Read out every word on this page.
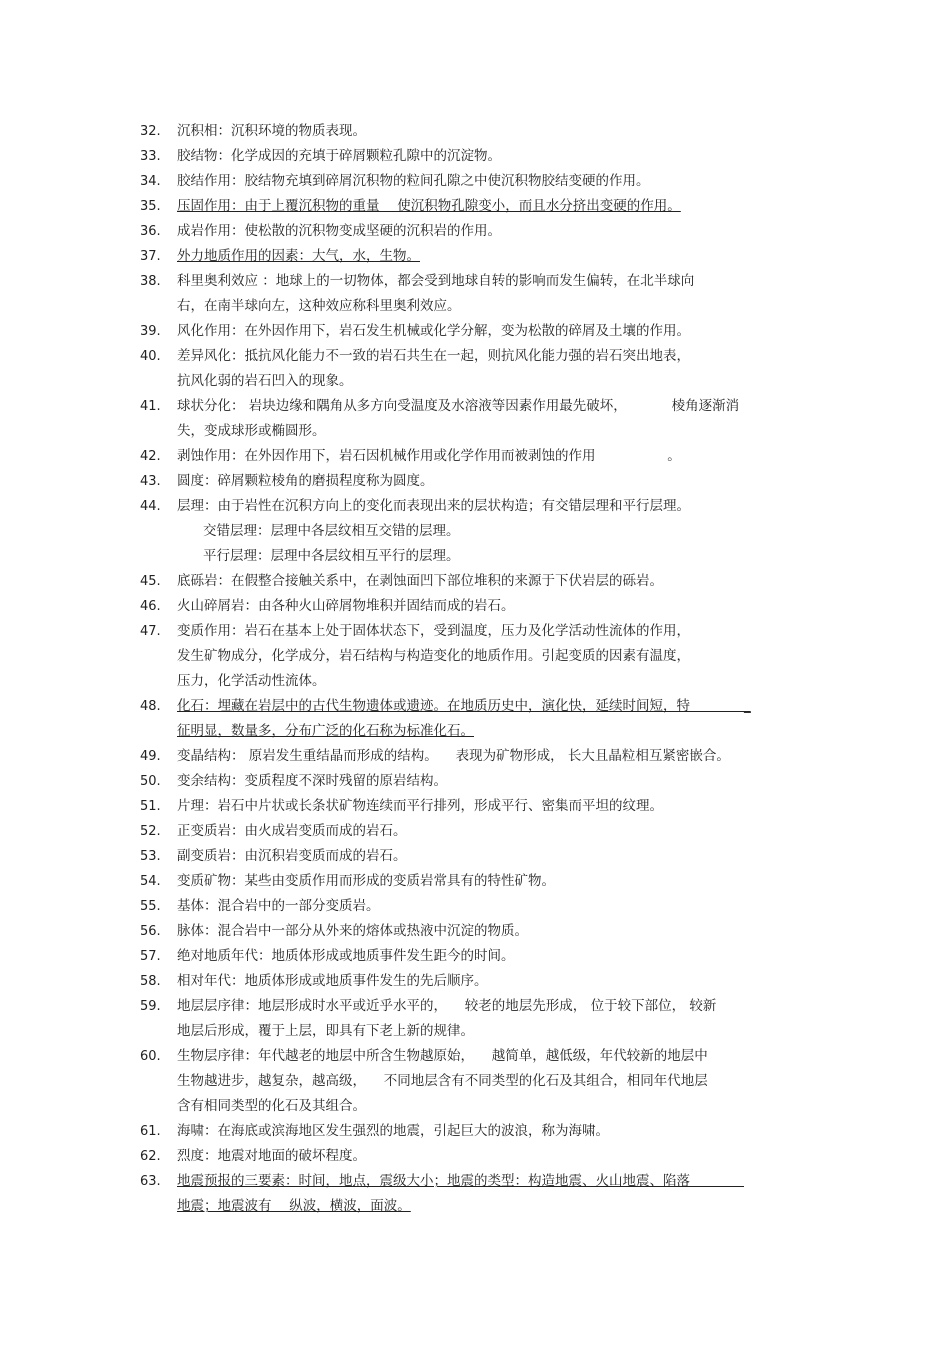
32.	沉积相：沉积环境的物质表现。
33.	胶结物：化学成因的充填于碎屑颗粒孔隙中的沉淀物。
34.	胶结作用：胶结物充填到碎屑沉积物的粒间孔隙之中使沉积物胶结变硬的作用。
35.	压固作用：由于上覆沉积物的重量 　使沉积物孔隙变小，而且水分挤出变硬的作用。
36.	成岩作用：使松散的沉积物变成坚硬的沉积岩的作用。
37.	外力地质作用的因素：大气，水，生物。
38.	科里奥利效应 ：地球上的一切物体，都会受到地球自转的影响而发生偏转，在北半球向
右，在南半球向左，这种效应称科里奥利效应。
39.	风化作用：在外因作用下，岩石发生机械或化学分解，变为松散的碎屑及土壤的作用。
40.	差异风化：抵抗风化能力不一致的岩石共生在一起，则抗风化能力强的岩石突出地表，
抗风化弱的岩石凹入的现象。
41.	球状分化： 岩块边缘和隅角从多方向受温度及水溶液等因素作用最先破坏， 　　　棱角逐渐消
失，变成球形或椭圆形。
42.	剥蚀作用：在外因作用下，岩石因机械作用或化学作用而被剥蚀的作用 　　　　　。
43.	圆度：碎屑颗粒棱角的磨损程度称为圆度。
44.	层理：由于岩性在沉积方向上的变化而表现出来的层状构造；有交错层理和平行层理。
交错层理：层理中各层纹相互交错的层理。
平行层理：层理中各层纹相互平行的层理。
45.	底砾岩：在假整合接触关系中，在剥蚀面凹下部位堆积的来源于下伏岩层的砾岩。
46.	火山碎屑岩：由各种火山碎屑物堆积并固结而成的岩石。
47.	变质作用：岩石在基本上处于固体状态下，受到温度，压力及化学活动性流体的作用，
发生矿物成分，化学成分，岩石结构与构造变化的地质作用。引起变质的因素有温度，
压力，化学活动性流体。
48.	化石：埋藏在岩层中的古代生物遗体或遗迹。在地质历史中，演化快，延续时间短，特　　　　_
征明显，数量多，分布广泛的化石称为标准化石。
49.	变晶结构： 原岩发生重结晶而形成的结构。 　表现为矿物形成， 长大且晶粒相互紧密嵌合。
50.	变余结构：变质程度不深时残留的原岩结构。
51.	片理：岩石中片状或长条状矿物连续而平行排列，形成平行、密集而平坦的纹理。
52.	正变质岩：由火成岩变质而成的岩石。
53.	副变质岩：由沉积岩变质而成的岩石。
54.	变质矿物：某些由变质作用而形成的变质岩常具有的特性矿物。
55.	基体：混合岩中的一部分变质岩。
56.	脉体：混合岩中一部分从外来的熔体或热液中沉淀的物质。
57.	绝对地质年代：地质体形成或地质事件发生距今的时间。
58.	相对年代：地质体形成或地质事件发生的先后顺序。
59.	地层层序律：地层形成时水平或近乎水平的， 　较老的地层先形成， 位于较下部位， 较新
地层后形成，覆于上层，即具有下老上新的规律。
60.	生物层序律：年代越老的地层中所含生物越原始， 　越简单，越低级，年代较新的地层中
生物越进步，越复杂，越高级， 　不同地层含有不同类型的化石及其组合，相同年代地层
含有相同类型的化石及其组合。
61.	海啸：在海底或滨海地区发生强烈的地震，引起巨大的波浪，称为海啸。
62.	烈度：地震对地面的破坏程度。
63.	地震预报的三要素：时间，地点，震级大小；地震的类型：构造地震、火山地震、陷落　　　　
地震；地震波有 　纵波，横波，面波。
